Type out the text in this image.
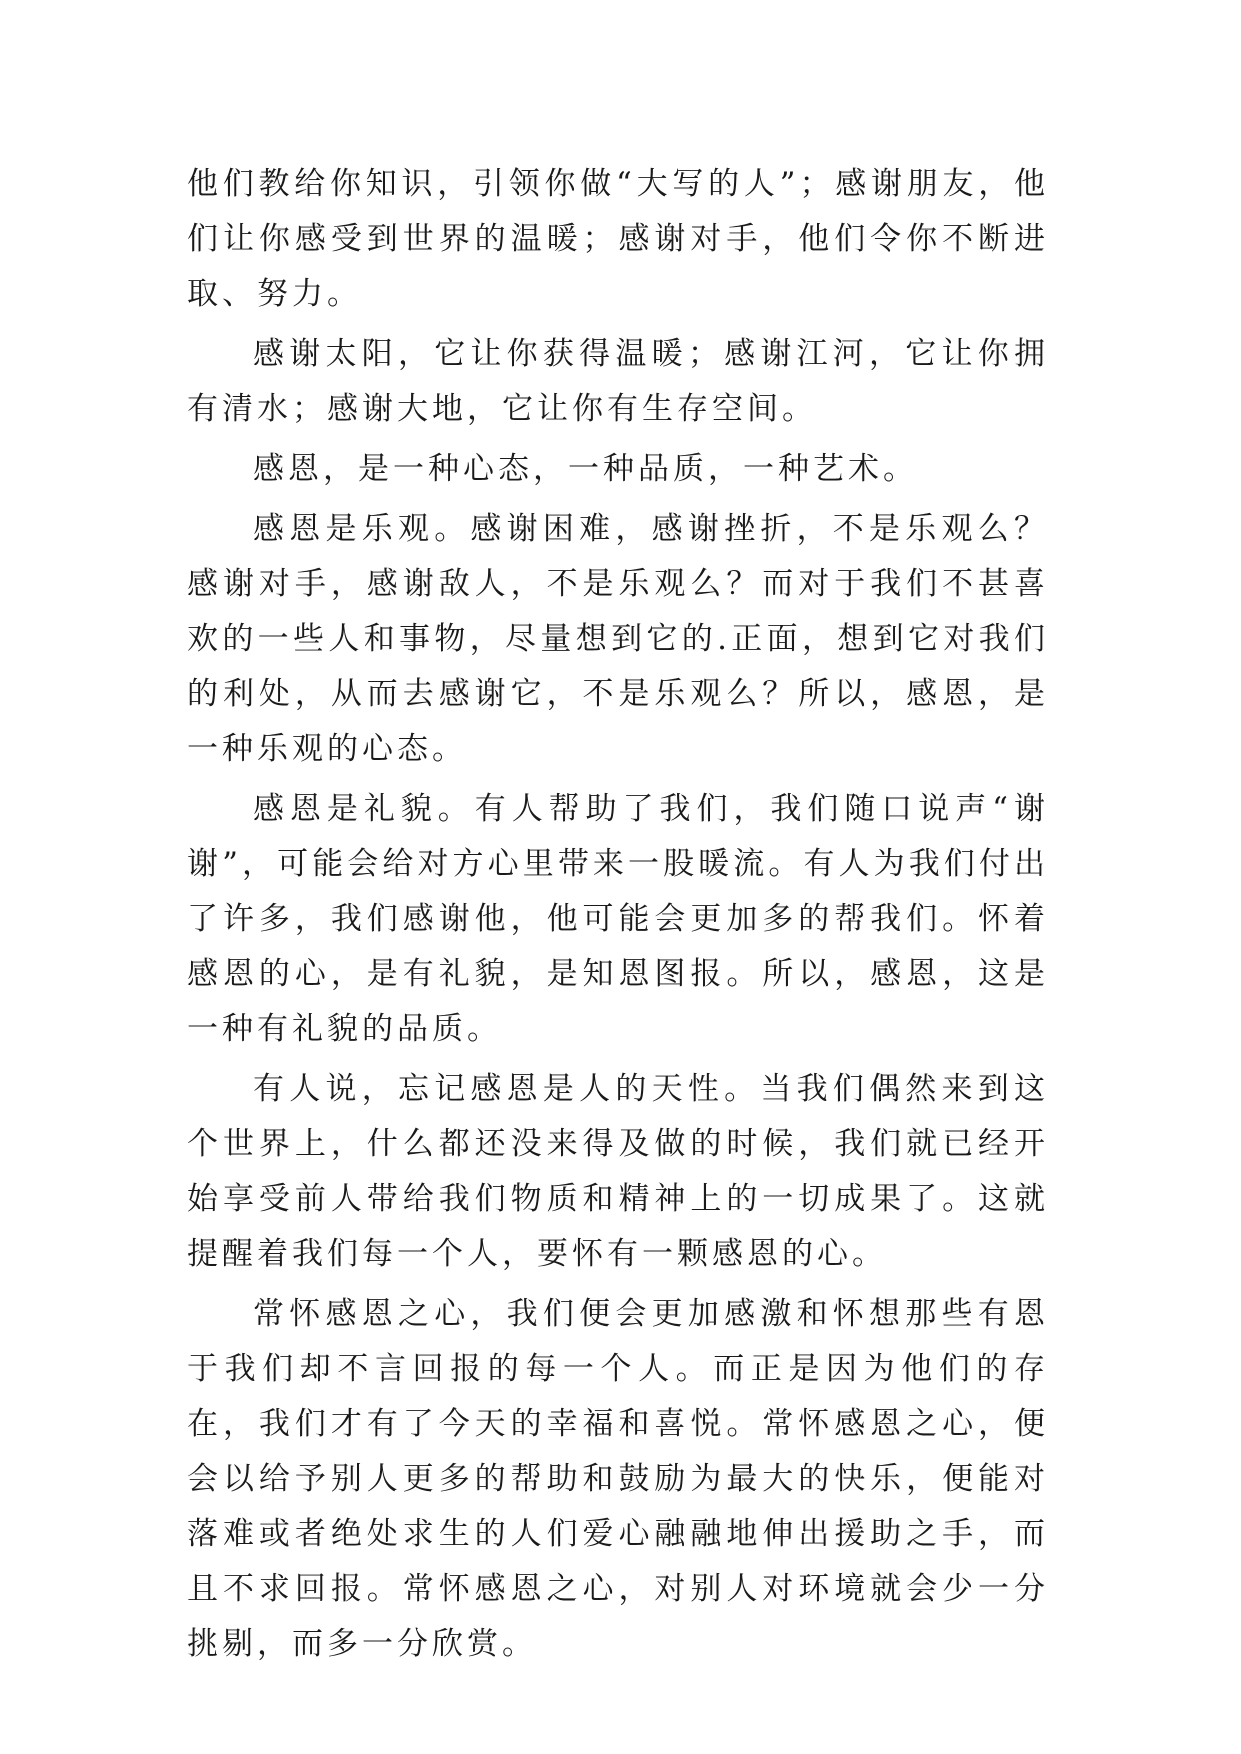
他们教给你知识，引领你做“大写的人”；感谢朋友，他们让你感受到世界的温暖；感谢对手，他们令你不断进取、努力。

感谢太阳，它让你获得温暖；感谢江河，它让你拥有清水；感谢大地，它让你有生存空间。

感恩，是一种心态，一种品质，一种艺术。

感恩是乐观。感谢困难，感谢挫折，不是乐观么？感谢对手，感谢敌人，不是乐观么？而对于我们不甚喜欢的一些人和事物，尽量想到它的.正面，想到它对我们的利处，从而去感谢它，不是乐观么？所以，感恩，是一种乐观的心态。

感恩是礼貌。有人帮助了我们，我们随口说声“谢谢”，可能会给对方心里带来一股暖流。有人为我们付出了许多，我们感谢他，他可能会更加多的帮我们。怀着感恩的心，是有礼貌，是知恩图报。所以，感恩，这是一种有礼貌的品质。

有人说，忘记感恩是人的天性。当我们偶然来到这个世界上，什么都还没来得及做的时候，我们就已经开始享受前人带给我们物质和精神上的一切成果了。这就提醒着我们每一个人，要怀有一颗感恩的心。

常怀感恩之心，我们便会更加感激和怀想那些有恩于我们却不言回报的每一个人。而正是因为他们的存在，我们才有了今天的幸福和喜悦。常怀感恩之心，便会以给予别人更多的帮助和鼓励为最大的快乐，便能对落难或者绝处求生的人们爱心融融地伸出援助之手，而且不求回报。常怀感恩之心，对别人对环境就会少一分挑剔，而多一分欣赏。
